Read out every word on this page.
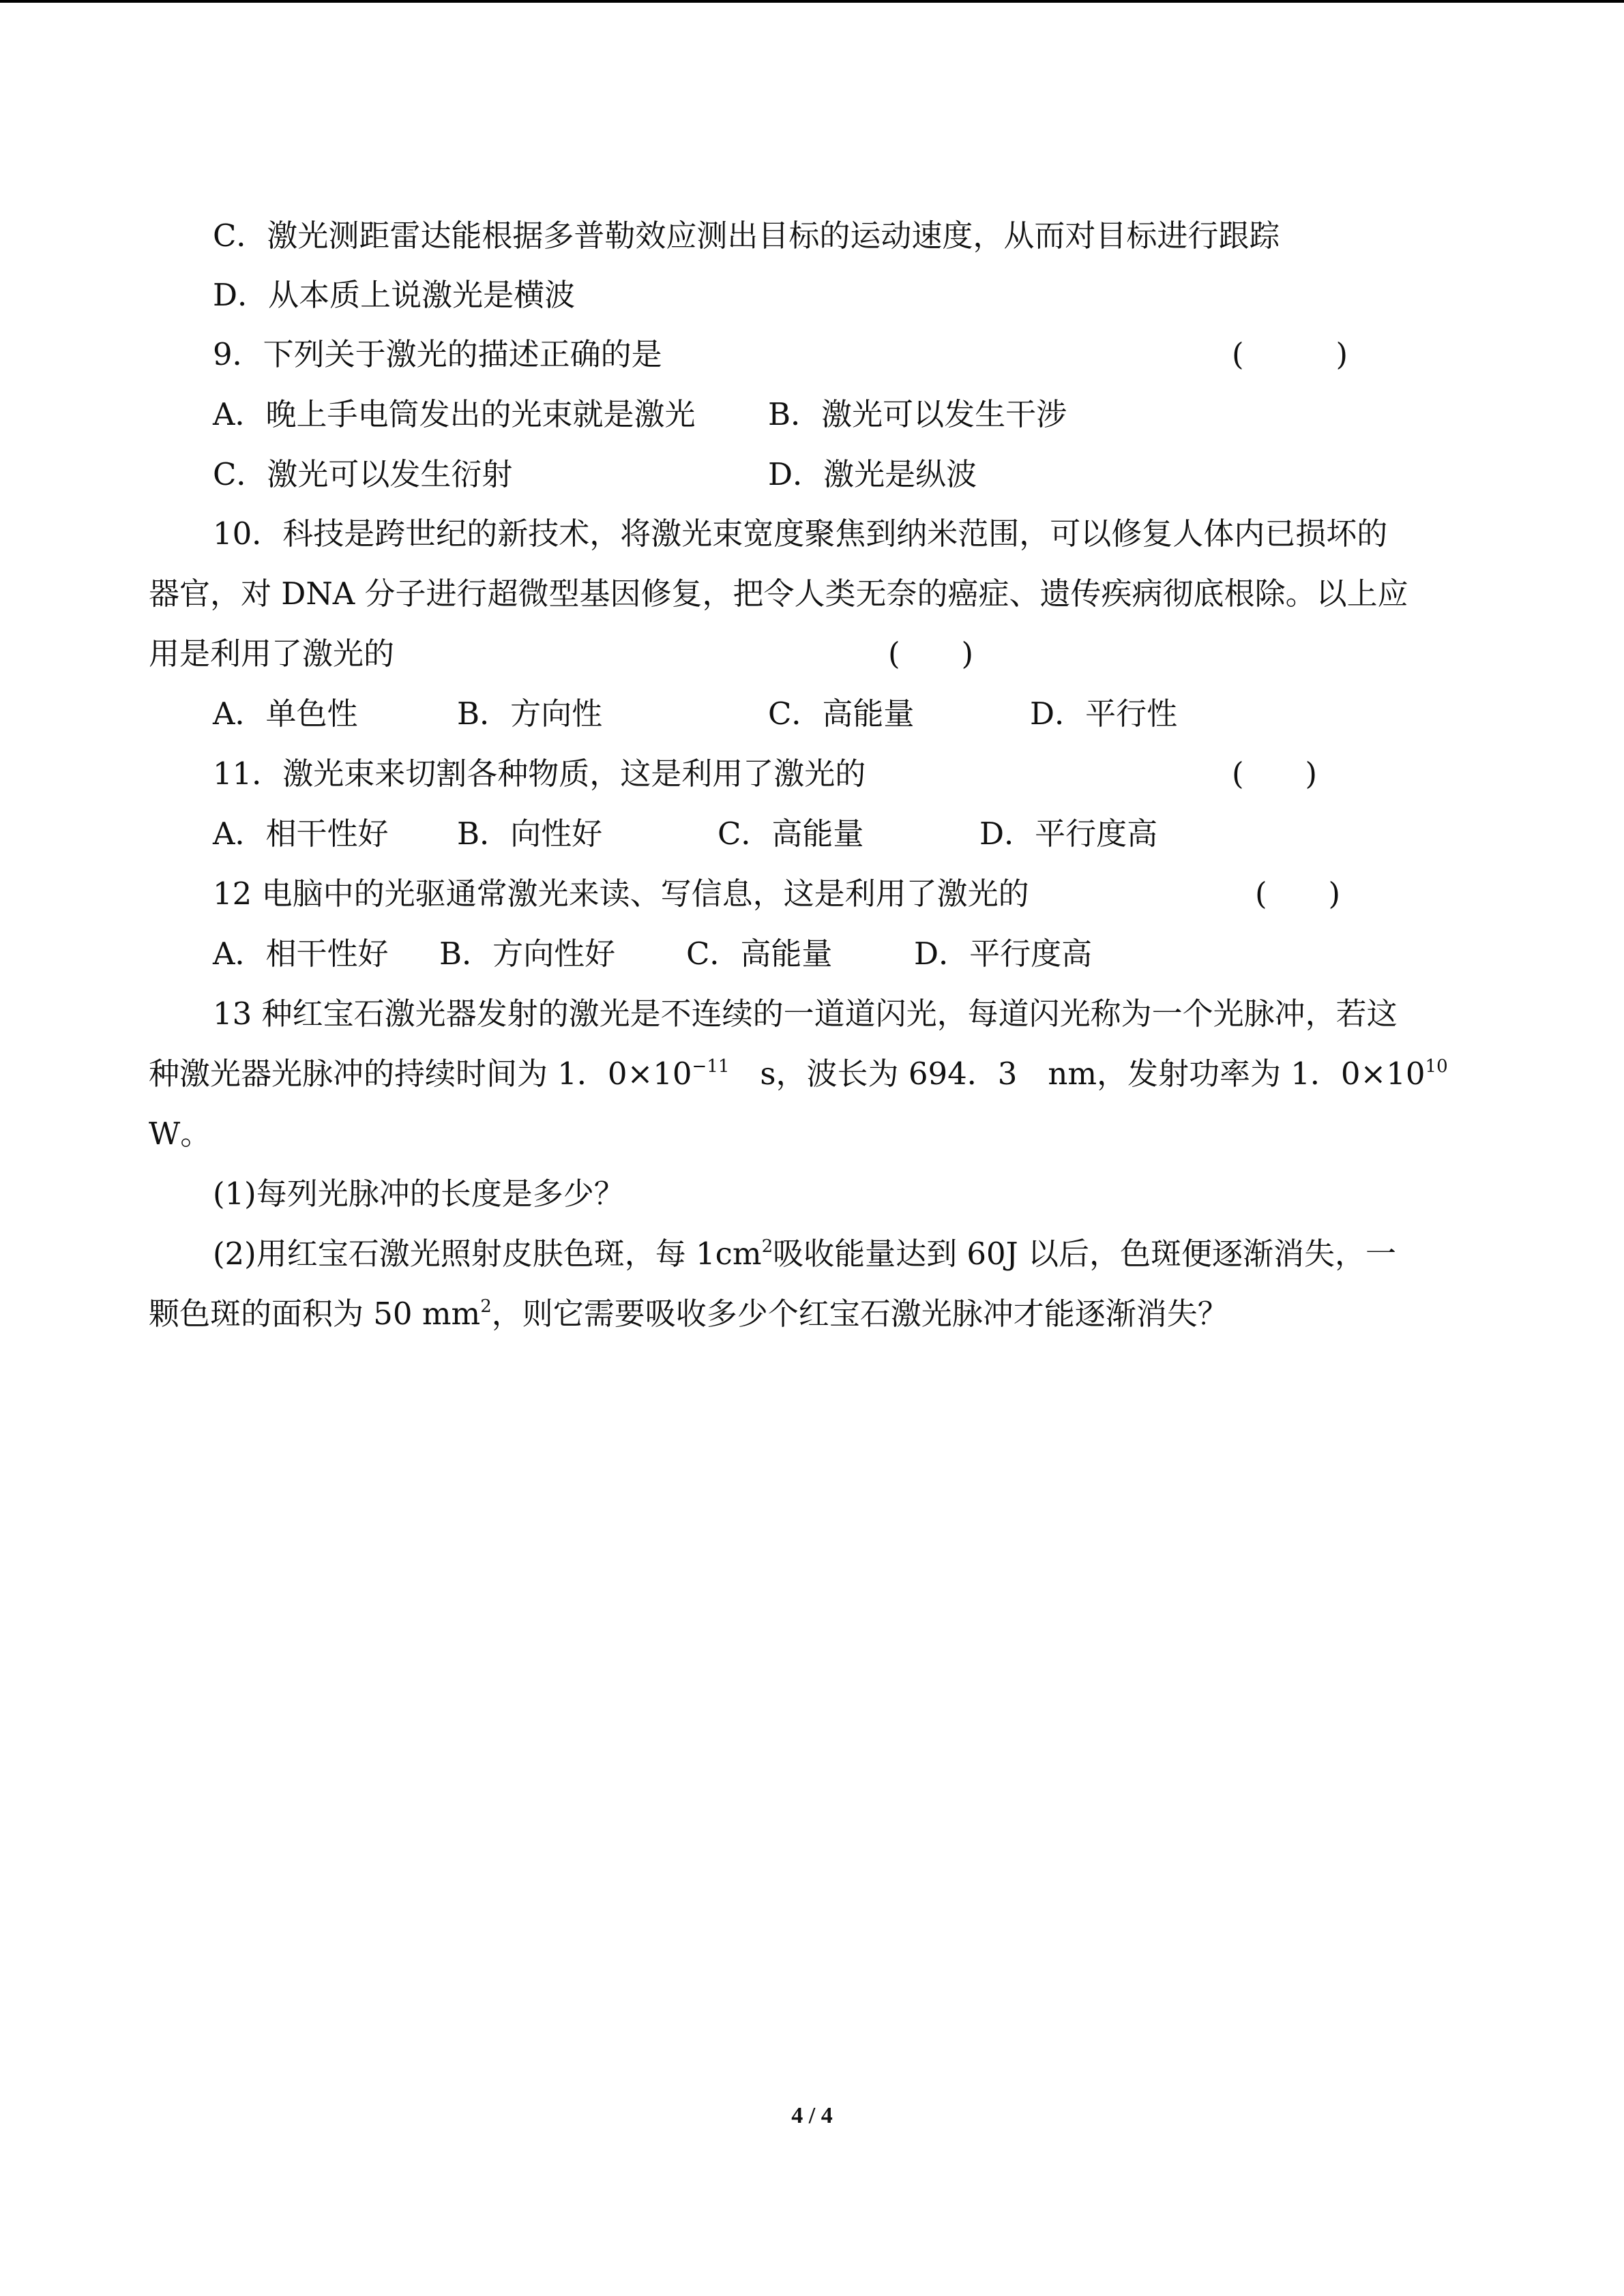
C．激光测距雷达能根据多普勒效应测出目标的运动速度，从而对目标进行跟踪
D．从本质上说激光是横波
9．下列关于激光的描述正确的是	(　　　)
A．晚上手电筒发出的光束就是激光 B．激光可以发生干涉
C．激光可以发生衍射	D．激光是纵波
10．科技是跨世纪的新技术，将激光束宽度聚焦到纳米范围，可以修复人体内已损坏的
器官，对 DNA 分子进行超微型基因修复，把令人类无奈的癌症、遗传疾病彻底根除。以上应
用是利用了激光的	(　　)
A．单色性	B．方向性	C．高能量	D．平行性
11．激光束来切割各种物质，这是利用了激光的	(　　)
A．相干性好 B．向性好	C．高能量	D．平行度高
12 电脑中的光驱通常激光来读、写信息，这是利用了激光的	(　　)
A．相干性好 B．方向性好 C．高能量	D．平行度高
13 种红宝石激光器发射的激光是不连续的一道道闪光，每道闪光称为一个光脉冲，若这
种激光器光脉冲的持续时间为 1．$0\times 10^{-11}$　s，波长为 694．3　nm，发射功率为 1．$0\times 10^{10}$
W。
(1)每列光脉冲的长度是多少？
(2)用红宝石激光照射皮肤色斑，每 $1cm^2$吸收能量达到 60J 以后，色斑便逐渐消失，一
颗色斑的面积为 50 $mm^2$，则它需要吸收多少个红宝石激光脉冲才能逐渐消失？
4 / 4
